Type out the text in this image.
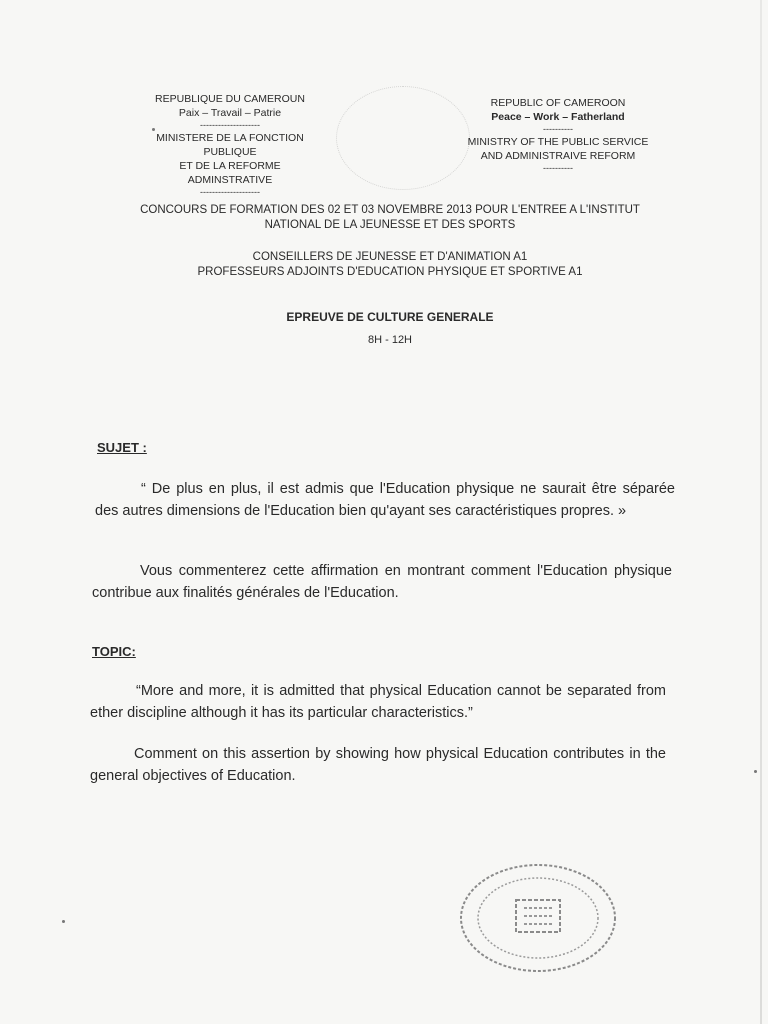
REPUBLIQUE DU CAMEROUN
Paix – Travail – Patrie
--------------------
MINISTERE DE LA FONCTION PUBLIQUE
ET DE LA REFORME ADMINSTRATIVE
--------------------
REPUBLIC OF CAMEROON
Peace – Work – Fatherland
----------
MINISTRY OF THE PUBLIC SERVICE
AND ADMINISTRAIVE REFORM
----------
CONCOURS DE FORMATION DES 02 ET 03 NOVEMBRE 2013 POUR L'ENTREE A L'INSTITUT
NATIONAL DE LA JEUNESSE ET DES SPORTS
CONSEILLERS DE JEUNESSE ET D'ANIMATION A1
PROFESSEURS ADJOINTS D'EDUCATION PHYSIQUE ET SPORTIVE A1
EPREUVE DE CULTURE GENERALE
8H - 12H
SUJET :
“ De plus en plus, il est admis que l'Education physique ne saurait être séparée des autres dimensions de l'Education bien qu'ayant ses caractéristiques propres. »
Vous commenterez cette affirmation en montrant comment l'Education physique contribue aux finalités générales de l'Education.
TOPIC:
“More and more, it is admitted that physical Education cannot be separated from ether discipline although it has its particular characteristics.”
Comment on this assertion by showing how physical Education contributes in the general objectives of Education.
